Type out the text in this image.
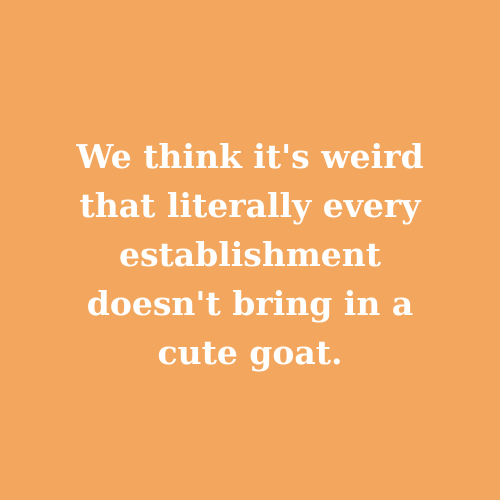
We think it's weird
that literally every
establishment
doesn't bring in a
cute goat.
